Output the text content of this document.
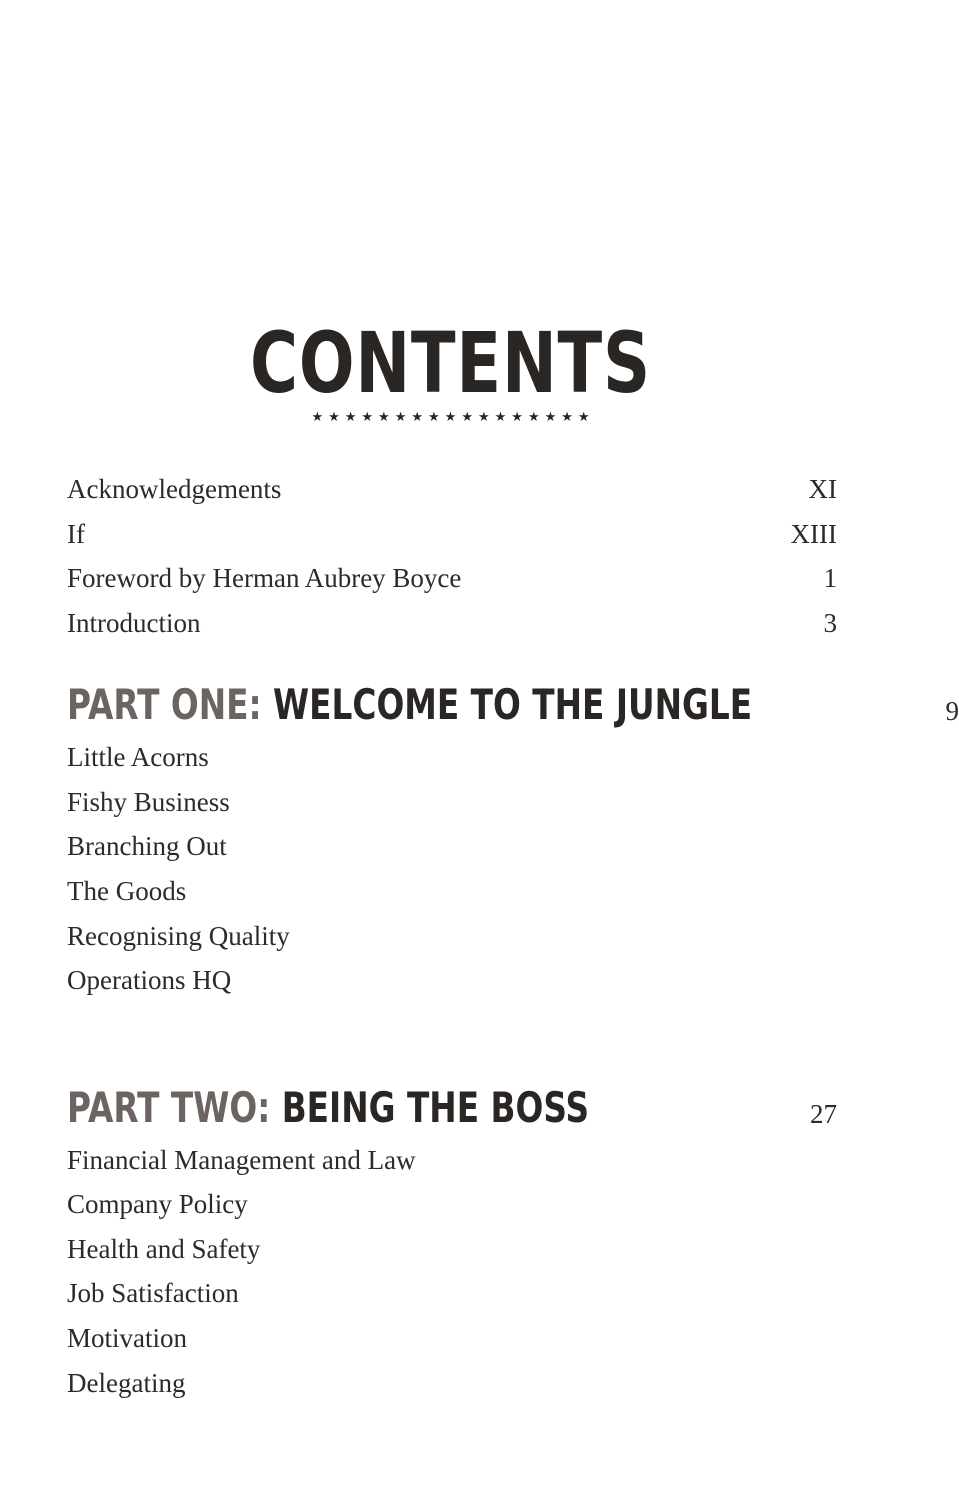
CONTENTS
★★★★★★★★★★★★★★★★★
Acknowledgements	XI
If	XIII
Foreword by Herman Aubrey Boyce	1
Introduction	3
PART ONE: WELCOME TO THE JUNGLE	9
Little Acorns
Fishy Business
Branching Out
The Goods
Recognising Quality
Operations HQ
PART TWO: BEING THE BOSS	27
Financial Management and Law
Company Policy
Health and Safety
Job Satisfaction
Motivation
Delegating
